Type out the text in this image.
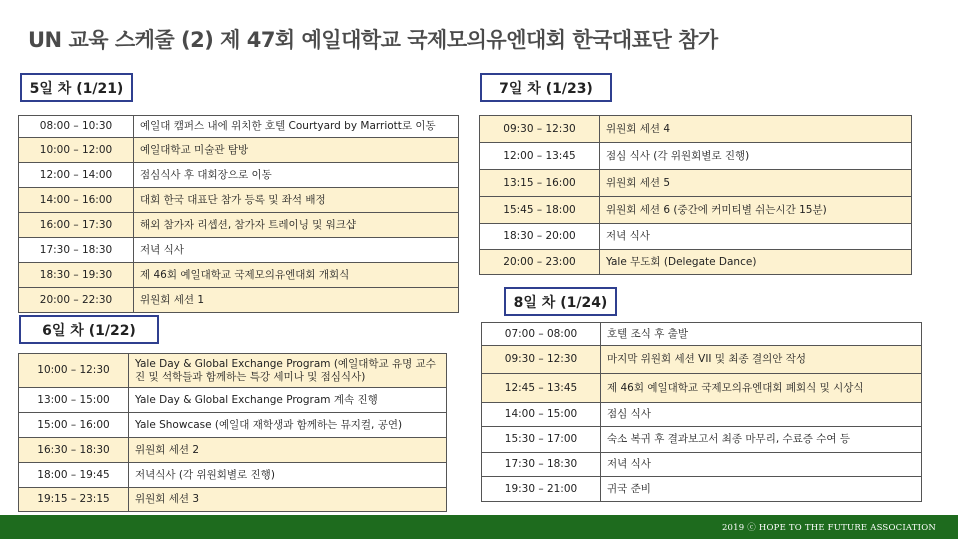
UN 교육 스케줄 (2) 제 47회 예일대학교 국제모의유엔대회 한국대표단 참가
5일 차 (1/21)
08:00 – 10:30	예일대 캠퍼스 내에 위치한 호텔 Courtyard by Marriott로 이동
10:00 – 12:00	예일대학교 미술관 탐방
12:00 – 14:00	점심식사 후 대회장으로 이동
14:00 – 16:00	대회 한국 대표단 참가 등록 및 좌석 배정
16:00 – 17:30	해외 참가자 리셉션, 참가자 트레이닝 및 워크샵
17:30 – 18:30	저녁 식사
18:30 – 19:30	제 46회 예일대학교 국제모의유엔대회 개회식
20:00 – 22:30	위원회 세션 1
6일 차 (1/22)
10:00 – 12:30	Yale Day & Global Exchange Program (예일대학교 유명 교수진 및 석학들과 함께하는 특강 세미나 및 점심식사)
13:00 – 15:00	Yale Day & Global Exchange Program 계속 진행
15:00 – 16:00	Yale Showcase (예일대 재학생과 함께하는 뮤지컬, 공연)
16:30 – 18:30	위원회 세션 2
18:00 – 19:45	저녁식사 (각 위원회별로 진행)
19:15 – 23:15	위원회 세션 3
7일 차 (1/23)
09:30 – 12:30	위원회 세션 4
12:00 – 13:45	점심 식사 (각 위원회별로 진행)
13:15 – 16:00	위원회 세션 5
15:45 – 18:00	위원회 세션 6 (중간에 커미티별 쉬는시간 15분)
18:30 – 20:00	저녁 식사
20:00 – 23:00	Yale 무도회 (Delegate Dance)
8일 차 (1/24)
07:00 – 08:00	호텔 조식 후 출발
09:30 – 12:30	마지막 위원회 세션 VII 및 최종 결의안 작성
12:45 – 13:45	제 46회 예일대학교 국제모의유엔대회 폐회식 및 시상식
14:00 – 15:00	점심 식사
15:30 – 17:00	숙소 복귀 후 결과보고서 최종 마무리, 수료증 수여 등
17:30 – 18:30	저녁 식사
19:30 – 21:00	귀국 준비
2019 ⓒ HOPE TO THE FUTURE ASSOCIATION
